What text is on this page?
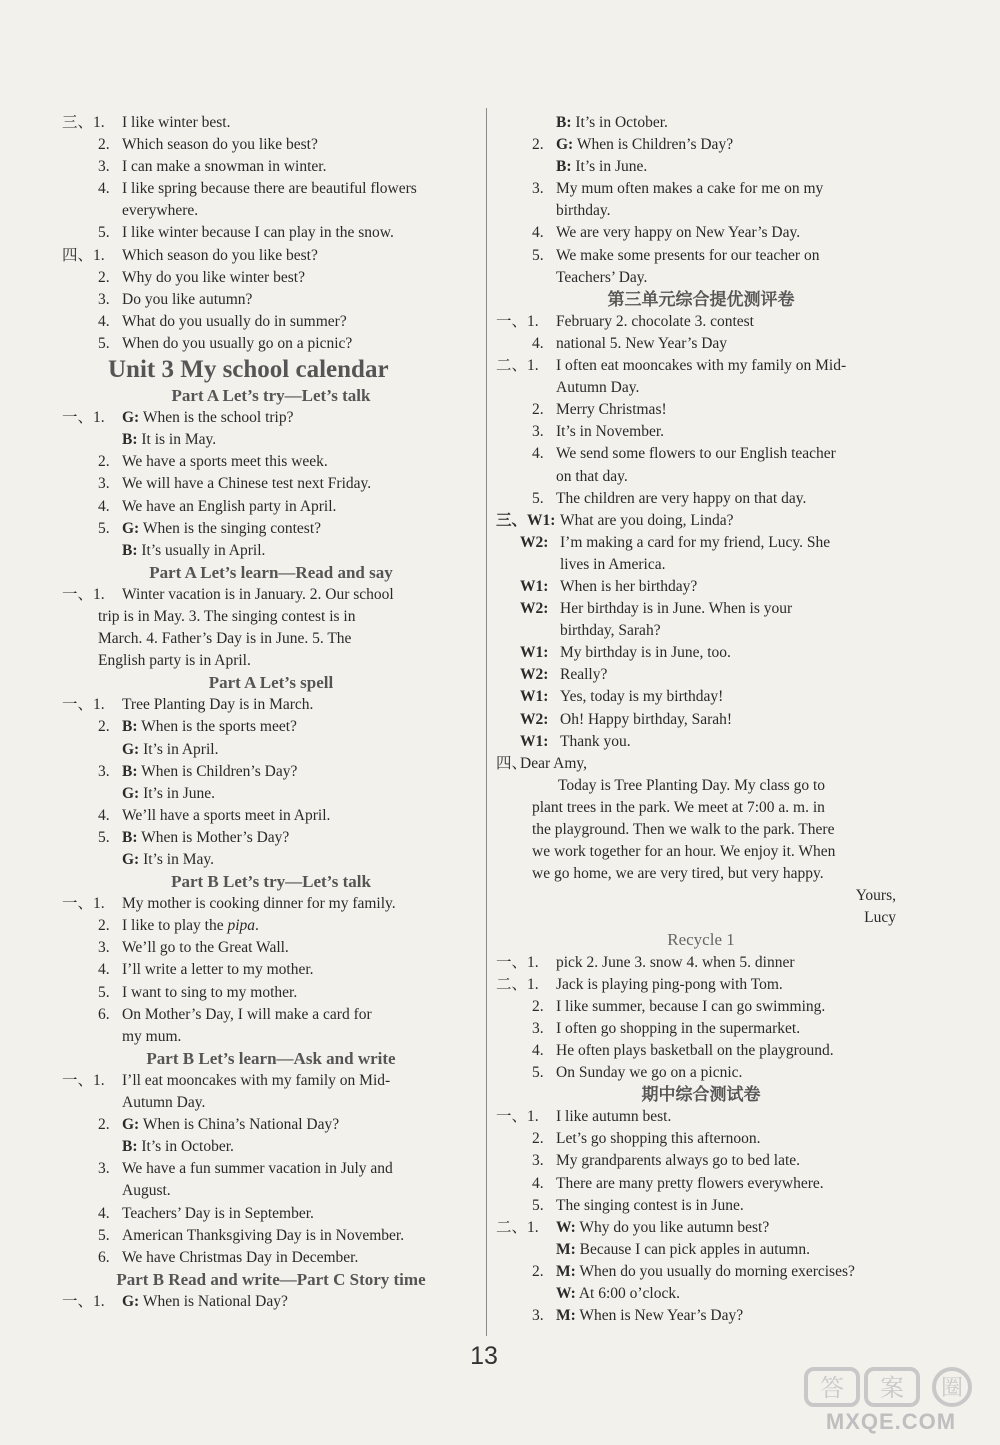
三、1. I like winter best.
2. Which season do you like best?
3. I can make a snowman in winter.
4. I like spring because there are beautiful flowers
everywhere.
5. I like winter because I can play in the snow.
四、1. Which season do you like best?
2. Why do you like winter best?
3. Do you like autumn?
4. What do you usually do in summer?
5. When do you usually go on a picnic?
Unit 3 My school calendar
Part A Let’s try—Let’s talk
一、1. G: When is the school trip?
B: It is in May.
2. We have a sports meet this week.
3. We will have a Chinese test next Friday.
4. We have an English party in April.
5. G: When is the singing contest?
B: It’s usually in April.
Part A Let’s learn—Read and say
一、1. Winter vacation is in January. 2. Our school
trip is in May. 3. The singing contest is in
March. 4. Father’s Day is in June. 5. The
English party is in April.
Part A Let’s spell
一、1. Tree Planting Day is in March.
2. B: When is the sports meet?
G: It’s in April.
3. B: When is Children’s Day?
G: It’s in June.
4. We’ll have a sports meet in April.
5. B: When is Mother’s Day?
G: It’s in May.
Part B Let’s try—Let’s talk
一、1. My mother is cooking dinner for my family.
2. I like to play the pipa.
3. We’ll go to the Great Wall.
4. I’ll write a letter to my mother.
5. I want to sing to my mother.
6. On Mother’s Day, I will make a card for
my mum.
Part B Let’s learn—Ask and write
一、1. I’ll eat mooncakes with my family on Mid-
Autumn Day.
2. G: When is China’s National Day?
B: It’s in October.
3. We have a fun summer vacation in July and
August.
4. Teachers’ Day is in September.
5. American Thanksgiving Day is in November.
6. We have Christmas Day in December.
Part B Read and write—Part C Story time
一、1. G: When is National Day?
B: It’s in October.
2. G: When is Children’s Day?
B: It’s in June.
3. My mum often makes a cake for me on my
birthday.
4. We are very happy on New Year’s Day.
5. We make some presents for our teacher on
Teachers’ Day.
第三单元综合提优测评卷
一、1. February 2. chocolate 3. contest
4. national 5. New Year’s Day
二、1. I often eat mooncakes with my family on Mid-
Autumn Day.
2. Merry Christmas!
3. It’s in November.
4. We send some flowers to our English teacher
on that day.
5. The children are very happy on that day.
三、W1: What are you doing, Linda?
W2: I’m making a card for my friend, Lucy. She
lives in America.
W1: When is her birthday?
W2: Her birthday is in June. When is your
birthday, Sarah?
W1: My birthday is in June, too.
W2: Really?
W1: Yes, today is my birthday!
W2: Oh! Happy birthday, Sarah!
W1: Thank you.
四、
Dear Amy,
Today is Tree Planting Day. My class go to
plant trees in the park. We meet at 7:00 a. m. in
the playground. Then we walk to the park. There
we work together for an hour. We enjoy it. When
we go home, we are very tired, but very happy.
Yours,
Lucy
Recycle 1
一、1. pick 2. June 3. snow 4. when 5. dinner
二、1. Jack is playing ping-pong with Tom.
2. I like summer, because I can go swimming.
3. I often go shopping in the supermarket.
4. He often plays basketball on the playground.
5. On Sunday we go on a picnic.
期中综合测试卷
一、1. I like autumn best.
2. Let’s go shopping this afternoon.
3. My grandparents always go to bed late.
4. There are many pretty flowers everywhere.
5. The singing contest is in June.
二、1. W: Why do you like autumn best?
M: Because I can pick apples in autumn.
2. M: When do you usually do morning exercises?
W: At 6:00 o’clock.
3. M: When is New Year’s Day?
13
答 案 圈
MXQE.COM
